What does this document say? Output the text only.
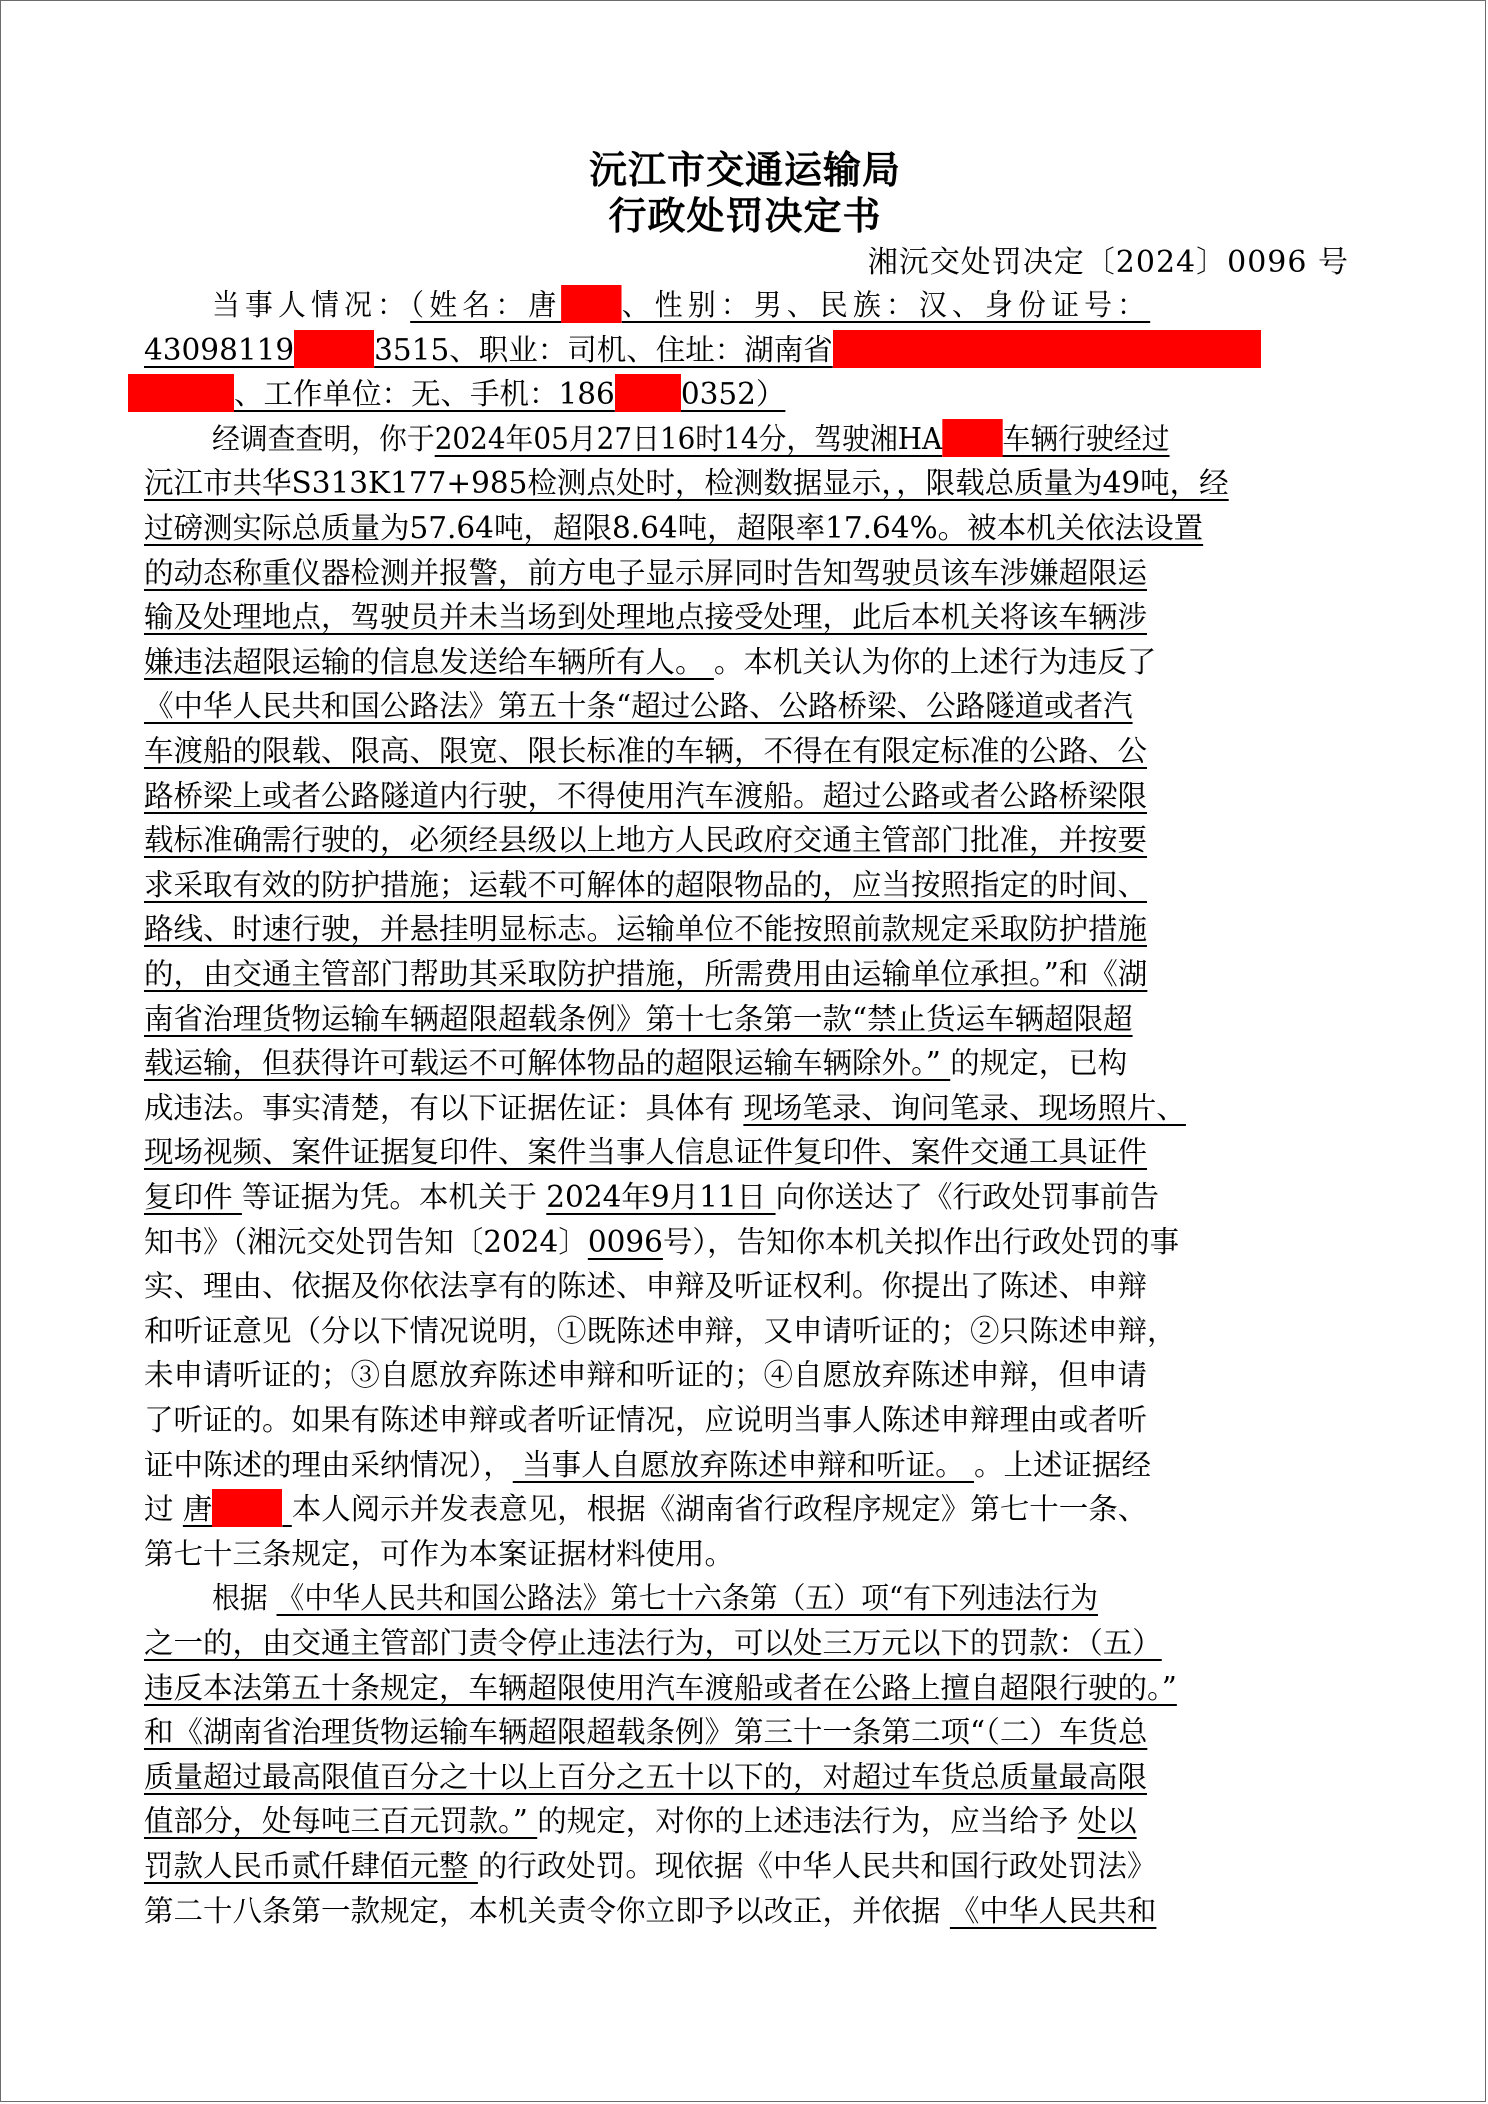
沅江市交通运输局
行政处罚决定书
湘沅交处罚决定〔2024〕0096 号
当事人情况：（姓名：唐 、性别：男、民族：汉、身份证号：
43098119	3515、职业：司机、住址：湖南省
、工作单位：无、手机：186 0352）
经调查查明，你于2024年05月27日16时14分，驾驶湘HA 车辆行驶经过
沅江市共华S313K177+985检测点处时，检测数据显示，，限载总质量为49吨，经
过磅测实际总质量为57.64吨，超限8.64吨，超限率17.64%。被本机关依法设置
的动态称重仪器检测并报警，前方电子显示屏同时告知驾驶员该车涉嫌超限运
输及处理地点，驾驶员并未当场到处理地点接受处理，此后本机关将该车辆涉
嫌违法超限运输的信息发送给车辆所有人。 。本机关认为你的上述行为违反了
《中华人民共和国公路法》第五十条“超过公路、公路桥梁、公路隧道或者汽
车渡船的限载、限高、限宽、限长标准的车辆，不得在有限定标准的公路、公
路桥梁上或者公路隧道内行驶，不得使用汽车渡船。超过公路或者公路桥梁限
载标准确需行驶的，必须经县级以上地方人民政府交通主管部门批准，并按要
求采取有效的防护措施；运载不可解体的超限物品的，应当按照指定的时间、
路线、时速行驶，并悬挂明显标志。运输单位不能按照前款规定采取防护措施
的，由交通主管部门帮助其采取防护措施，所需费用由运输单位承担。”和《湖
南省治理货物运输车辆超限超载条例》第十七条第一款“禁止货运车辆超限超
载运输，但获得许可载运不可解体物品的超限运输车辆除外。” 的规定，已构
成违法。事实清楚，有以下证据佐证：具体有 现场笔录、询问笔录、现场照片、
现场视频、案件证据复印件、案件当事人信息证件复印件、案件交通工具证件
复印件 等证据为凭。本机关于 2024年9月11日 向你送达了《行政处罚事前告
知书》（湘沅交处罚告知〔2024〕0096号），告知你本机关拟作出行政处罚的事
实、理由、依据及你依法享有的陈述、申辩及听证权利。你提出了陈述、申辩
和听证意见（分以下情况说明，①既陈述申辩，又申请听证的；②只陈述申辩，
未申请听证的；③自愿放弃陈述申辩和听证的；④自愿放弃陈述申辩，但申请
了听证的。如果有陈述申辩或者听证情况，应说明当事人陈述申辩理由或者听
证中陈述的理由采纳情况）， 当事人自愿放弃陈述申辩和听证。 。上述证据经
过 唐	本人阅示并发表意见，根据《湖南省行政程序规定》第七十一条、
第七十三条规定，可作为本案证据材料使用。
根据 《中华人民共和国公路法》第七十六条第（五）项“有下列违法行为
之一的，由交通主管部门责令停止违法行为，可以处三万元以下的罚款：（五）
违反本法第五十条规定，车辆超限使用汽车渡船或者在公路上擅自超限行驶的。”
和《湖南省治理货物运输车辆超限超载条例》第三十一条第二项“（二）车货总
质量超过最高限值百分之十以上百分之五十以下的，对超过车货总质量最高限
值部分，处每吨三百元罚款。” 的规定，对你的上述违法行为，应当给予 处以
罚款人民币贰仟肆佰元整 的行政处罚。现依据《中华人民共和国行政处罚法》
第二十八条第一款规定，本机关责令你立即予以改正，并依据 《中华人民共和
